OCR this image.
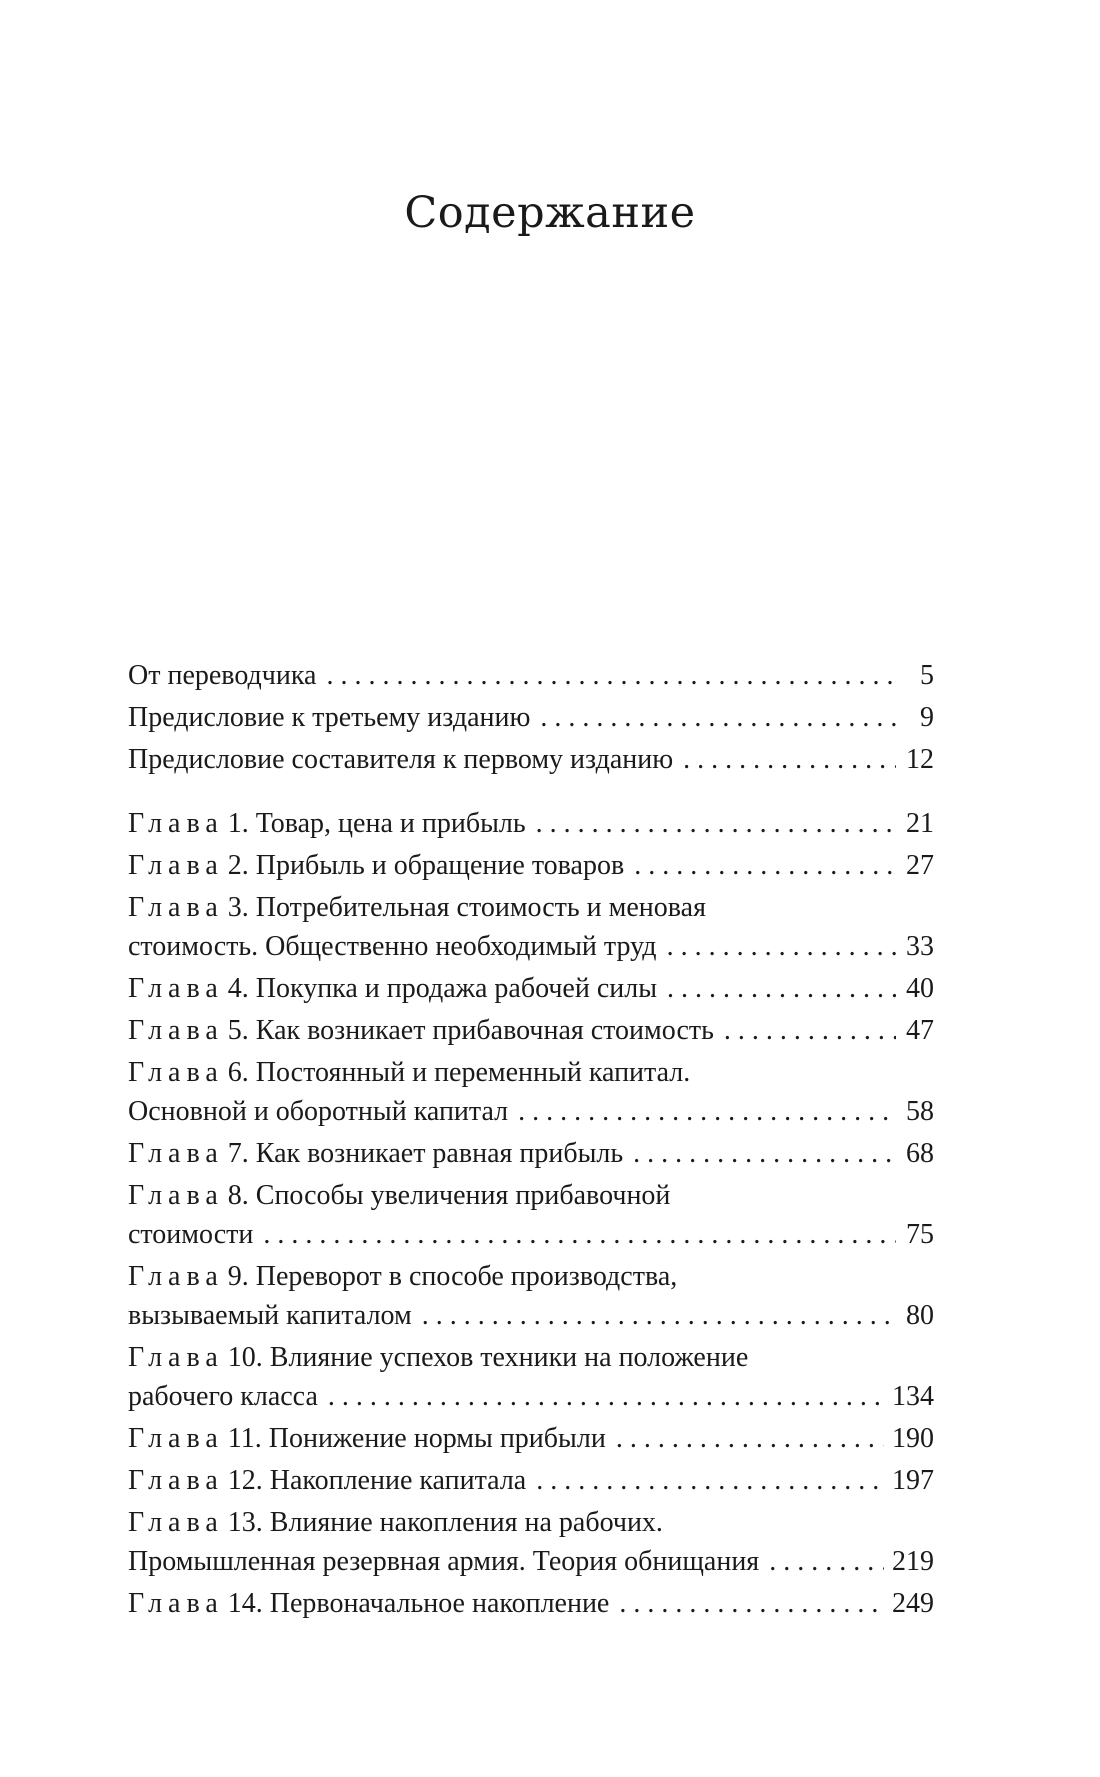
Содержание
От переводчика . . .	5
Предисловие к третьему изданию . . .	9
Предисловие составителя к первому изданию . . .	12
Глава 1. Товар, цена и прибыль . . .	21
Глава 2. Прибыль и обращение товаров . . .	27
Глава 3. Потребительная стоимость и меновая
стоимость. Общественно необходимый труд . . .	33
Глава 4. Покупка и продажа рабочей силы . . .	40
Глава 5. Как возникает прибавочная стоимость . . .	47
Глава 6. Постоянный и переменный капитал.
Основной и оборотный капитал . . .	58
Глава 7. Как возникает равная прибыль . . .	68
Глава 8. Способы увеличения прибавочной
стоимости . . .	75
Глава 9. Переворот в способе производства,
вызываемый капиталом . . .	80
Глава 10. Влияние успехов техники на положение
рабочего класса . . .	134
Глава 11. Понижение нормы прибыли . . .	190
Глава 12. Накопление капитала . . .	197
Глава 13. Влияние накопления на рабочих.
Промышленная резервная армия. Теория обнищания . . .	219
Глава 14. Первоначальное накопление . . .	249
